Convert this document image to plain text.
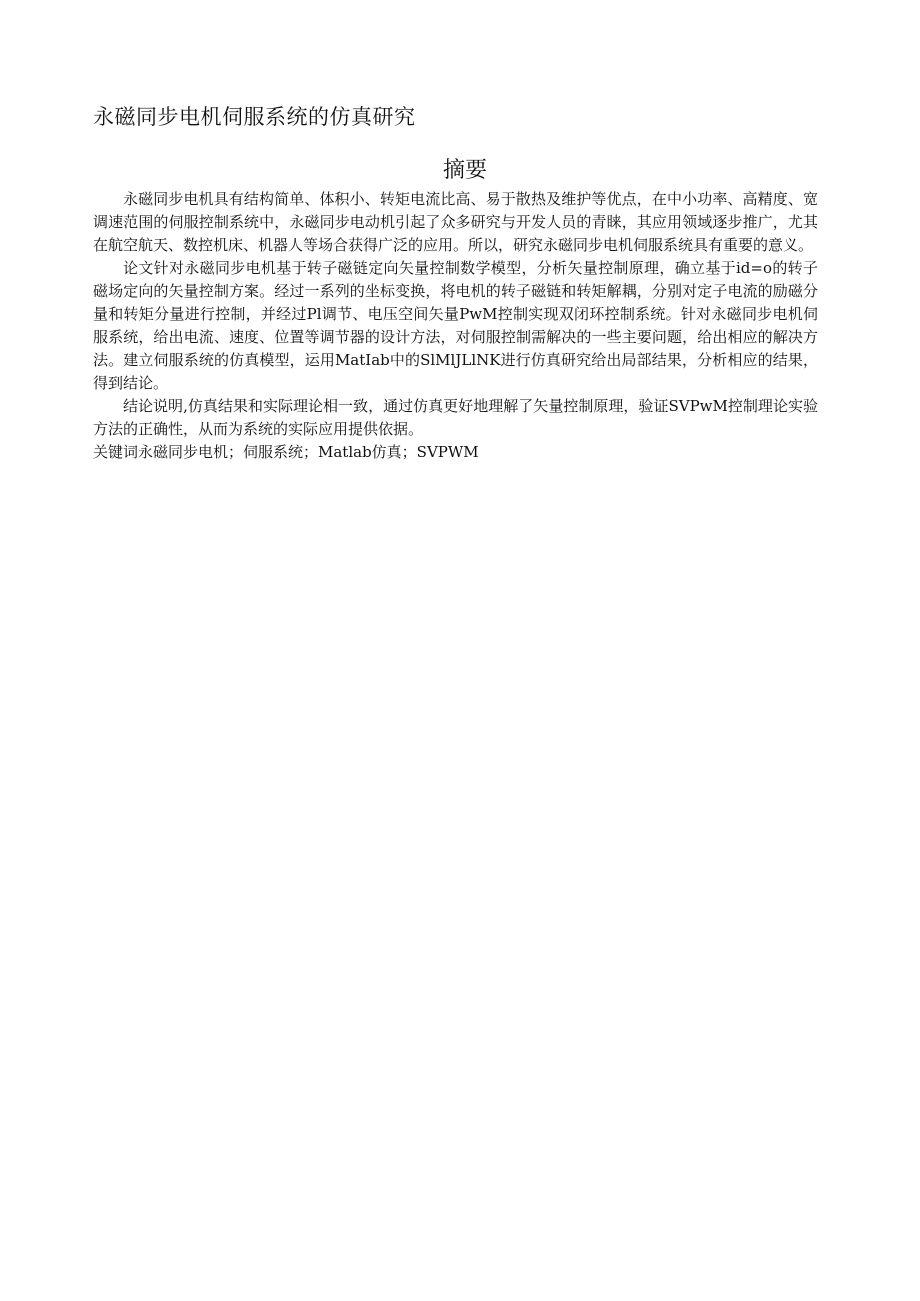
永磁同步电机伺服系统的仿真研究
摘要

永磁同步电机具有结构简单、体积小、转矩电流比高、易于散热及维护等优点，在中小功率、高精度、宽调速范围的伺服控制系统中，永磁同步电动机引起了众多研究与开发人员的青睐，其应用领域逐步推广，尤其在航空航天、数控机床、机器人等场合获得广泛的应用。所以，研究永磁同步电机伺服系统具有重要的意义。

论文针对永磁同步电机基于转子磁链定向矢量控制数学模型，分析矢量控制原理，确立基于id=o的转子磁场定向的矢量控制方案。经过一系列的坐标变换，将电机的转子磁链和转矩解耦，分别对定子电流的励磁分量和转矩分量进行控制，并经过Pl调节、电压空间矢量PwM控制实现双闭环控制系统。针对永磁同步电机伺服系统，给出电流、速度、位置等调节器的设计方法，对伺服控制需解决的一些主要问题，给出相应的解决方法。建立伺服系统的仿真模型，运用MatIab中的SlMlJLlNK进行仿真研究给出局部结果，分析相应的结果，得到结论。

结论说明,仿真结果和实际理论相一致，通过仿真更好地理解了矢量控制原理，验证SVPwM控制理论实验方法的正确性，从而为系统的实际应用提供依据。

关键词永磁同步电机；伺服系统；Matlab仿真；SVPWM
